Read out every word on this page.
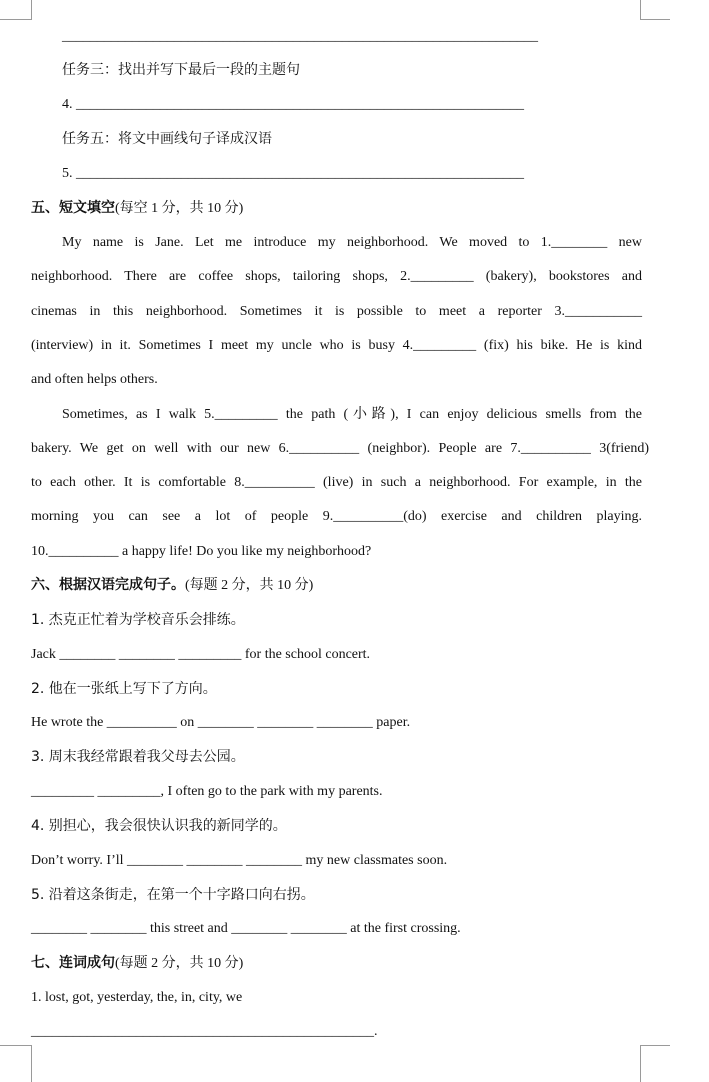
____________________________________________________________________
任务三：找出并写下最后一段的主题句
4. ________________________________________________________________
任务五：将文中画线句子译成汉语
5. ________________________________________________________________
五、短文填空(每空 1 分，共 10 分)
My name is Jane. Let me introduce my neighborhood. We moved to 1.________ new
neighborhood. There are coffee shops, tailoring shops, 2._________ (bakery), bookstores and
cinemas in this neighborhood. Sometimes it is possible to meet a reporter 3.___________
(interview) in it. Sometimes I meet my uncle who is busy 4._________ (fix) his bike. He is kind
and often helps others.
Sometimes, as I walk 5._________ the path (小路), I can enjoy delicious smells from the
bakery. We get on well with our new 6.__________ (neighbor). People are 7.__________ 3(friend)
to each other. It is comfortable 8.__________ (live) in such a neighborhood. For example, in the
morning you can see a lot of people 9.__________(do) exercise and children playing.
10.__________ a happy life! Do you like my neighborhood?
六、根据汉语完成句子。(每题 2 分，共 10 分)
1. 杰克正忙着为学校音乐会排练。
Jack ________ ________ _________ for the school concert.
2. 他在一张纸上写下了方向。
He wrote the __________ on ________ ________ ________ paper.
3. 周末我经常跟着我父母去公园。
_________ _________, I often go to the park with my parents.
4. 别担心，我会很快认识我的新同学的。
Don’t worry. I’ll ________ ________ ________ my new classmates soon.
5. 沿着这条街走，在第一个十字路口向右拐。
________ ________ this street and ________ ________ at the first crossing.
七、连词成句(每题 2 分，共 10 分)
1. lost, got, yesterday, the, in, city, we
_________________________________________________.
